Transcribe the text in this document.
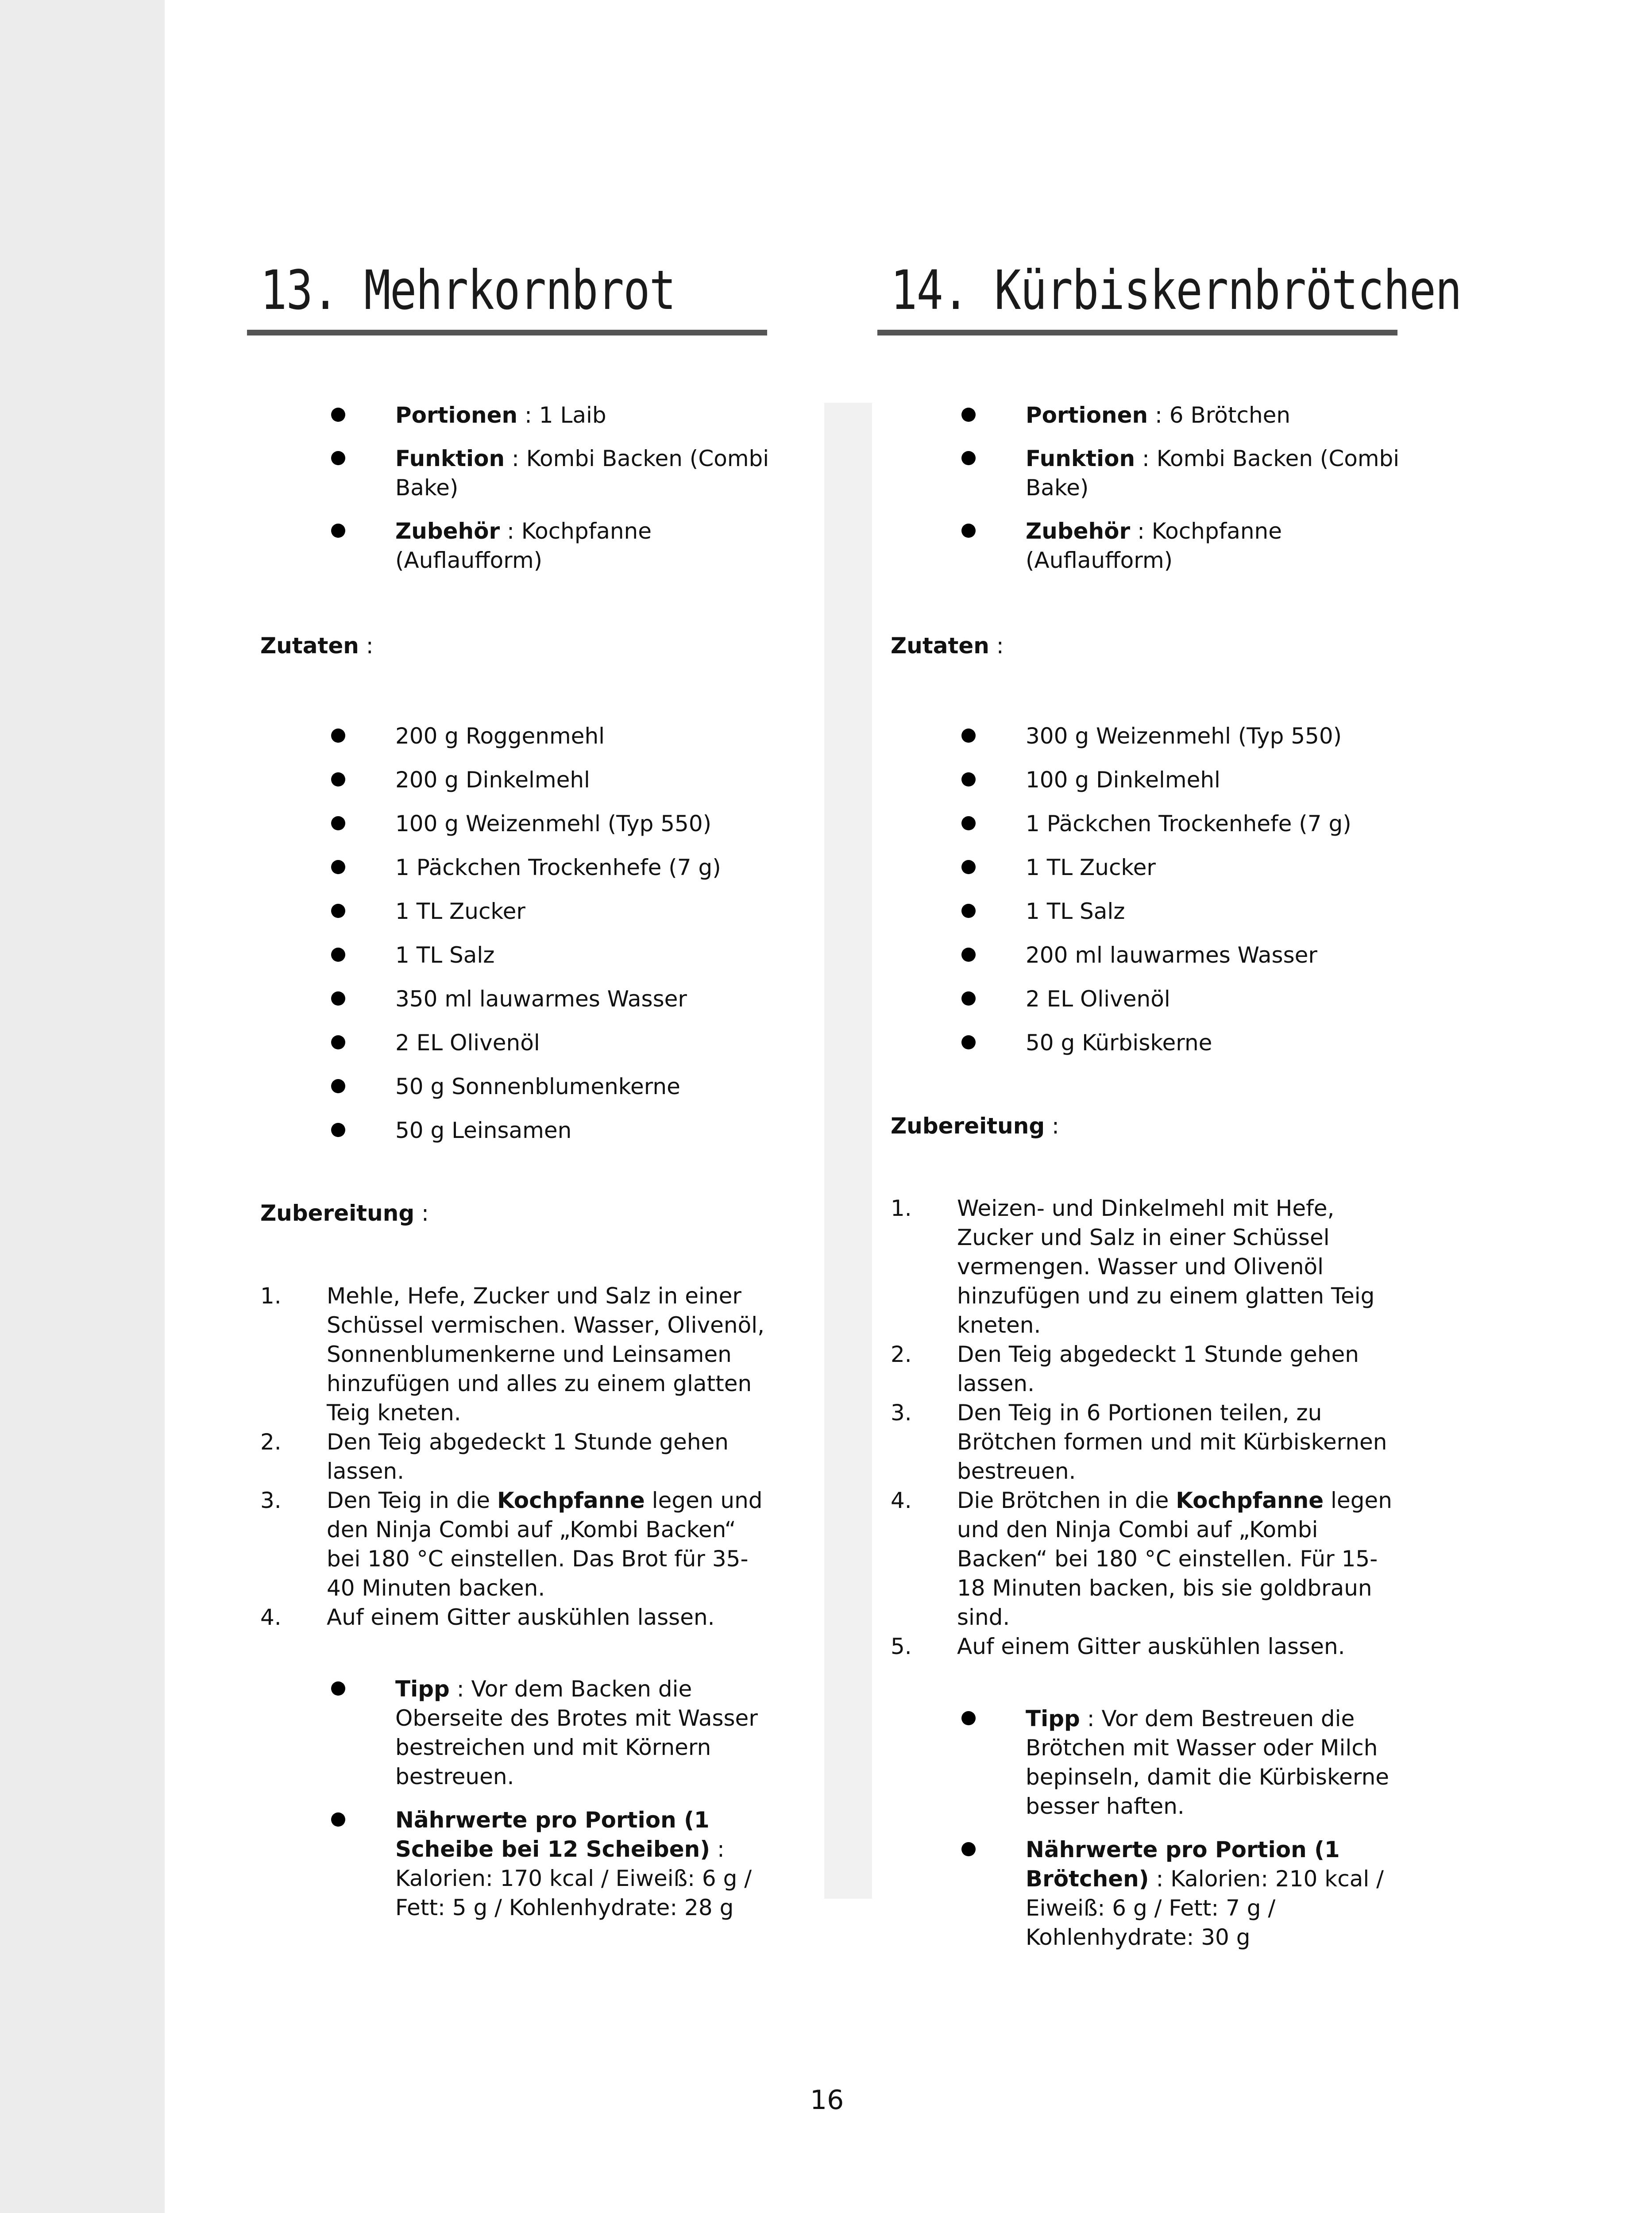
13. Mehrkornbrot
Portionen : 1 Laib
Funktion : Kombi Backen (Combi Bake)
Zubehör : Kochpfanne (Auflaufform)
Zutaten :
200 g Roggenmehl
200 g Dinkelmehl
100 g Weizenmehl (Typ 550)
1 Päckchen Trockenhefe (7 g)
1 TL Zucker
1 TL Salz
350 ml lauwarmes Wasser
2 EL Olivenöl
50 g Sonnenblumenkerne
50 g Leinsamen
Zubereitung :
1. Mehle, Hefe, Zucker und Salz in einer Schüssel vermischen. Wasser, Olivenöl, Sonnenblumenkerne und Leinsamen hinzufügen und alles zu einem glatten Teig kneten.
2. Den Teig abgedeckt 1 Stunde gehen lassen.
3. Den Teig in die Kochpfanne legen und den Ninja Combi auf „Kombi Backen“ bei 180 °C einstellen. Das Brot für 35-40 Minuten backen.
4. Auf einem Gitter auskühlen lassen.
Tipp : Vor dem Backen die Oberseite des Brotes mit Wasser bestreichen und mit Körnern bestreuen.
Nährwerte pro Portion (1 Scheibe bei 12 Scheiben) : Kalorien: 170 kcal / Eiweiß: 6 g / Fett: 5 g / Kohlenhydrate: 28 g
14. Kürbiskernbrötchen
Portionen : 6 Brötchen
Funktion : Kombi Backen (Combi Bake)
Zubehör : Kochpfanne (Auflaufform)
Zutaten :
300 g Weizenmehl (Typ 550)
100 g Dinkelmehl
1 Päckchen Trockenhefe (7 g)
1 TL Zucker
1 TL Salz
200 ml lauwarmes Wasser
2 EL Olivenöl
50 g Kürbiskerne
Zubereitung :
1. Weizen- und Dinkelmehl mit Hefe, Zucker und Salz in einer Schüssel vermengen. Wasser und Olivenöl hinzufügen und zu einem glatten Teig kneten.
2. Den Teig abgedeckt 1 Stunde gehen lassen.
3. Den Teig in 6 Portionen teilen, zu Brötchen formen und mit Kürbiskernen bestreuen.
4. Die Brötchen in die Kochpfanne legen und den Ninja Combi auf „Kombi Backen“ bei 180 °C einstellen. Für 15-18 Minuten backen, bis sie goldbraun sind.
5. Auf einem Gitter auskühlen lassen.
Tipp : Vor dem Bestreuen die Brötchen mit Wasser oder Milch bepinseln, damit die Kürbiskerne besser haften.
Nährwerte pro Portion (1 Brötchen) : Kalorien: 210 kcal / Eiweiß: 6 g / Fett: 7 g / Kohlenhydrate: 30 g
16
